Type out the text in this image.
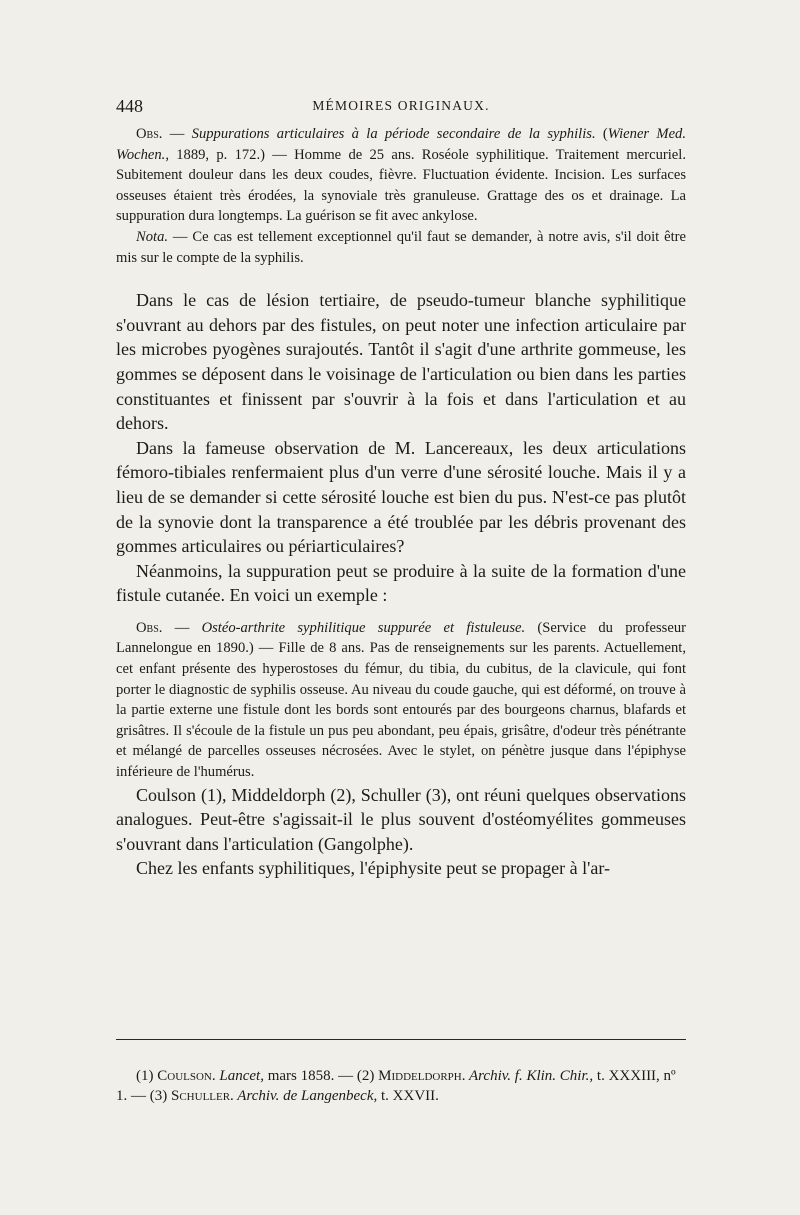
448	MÉMOIRES ORIGINAUX.

Obs. — Suppurations articulaires à la période secondaire de la syphilis. (Wiener Med. Wochen., 1889, p. 172.) — Homme de 25 ans. Roséole syphilitique. Traitement mercuriel. Subitement douleur dans les deux coudes, fièvre. Fluctuation évidente. Incision. Les surfaces osseuses étaient très érodées, la synoviale très granuleuse. Grattage des os et drainage. La suppuration dura longtemps. La guérison se fit avec ankylose.

Nota. — Ce cas est tellement exceptionnel qu'il faut se demander, à notre avis, s'il doit être mis sur le compte de la syphilis.

Dans le cas de lésion tertiaire, de pseudo-tumeur blanche syphilitique s'ouvrant au dehors par des fistules, on peut noter une infection articulaire par les microbes pyogènes surajoutés. Tantôt il s'agit d'une arthrite gommeuse, les gommes se déposent dans le voisinage de l'articulation ou bien dans les parties constituantes et finissent par s'ouvrir à la fois et dans l'articulation et au dehors.

Dans la fameuse observation de M. Lancereaux, les deux articulations fémoro-tibiales renfermaient plus d'un verre d'une sérosité louche. Mais il y a lieu de se demander si cette sérosité louche est bien du pus. N'est-ce pas plutôt de la synovie dont la transparence a été troublée par les débris provenant des gommes articulaires ou périarticulaires?

Néanmoins, la suppuration peut se produire à la suite de la formation d'une fistule cutanée. En voici un exemple :

Obs. — Ostéo-arthrite syphilitique suppurée et fistuleuse. (Service du professeur Lannelongue en 1890.) — Fille de 8 ans. Pas de renseignements sur les parents. Actuellement, cet enfant présente des hyperostoses du fémur, du tibia, du cubitus, de la clavicule, qui font porter le diagnostic de syphilis osseuse. Au niveau du coude gauche, qui est déformé, on trouve à la partie externe une fistule dont les bords sont entourés par des bourgeons charnus, blafards et grisâtres. Il s'écoule de la fistule un pus peu abondant, peu épais, grisâtre, d'odeur très pénétrante et mélangé de parcelles osseuses nécrosées. Avec le stylet, on pénètre jusque dans l'épiphyse inférieure de l'humérus.

Coulson (1), Middeldorph (2), Schuller (3), ont réuni quelques observations analogues. Peut-être s'agissait-il le plus souvent d'ostéomyélites gommeuses s'ouvrant dans l'articulation (Gangolphe).

Chez les enfants syphilitiques, l'épiphysite peut se propager à l'ar-

(1) Coulson. Lancet, mars 1858. — (2) Middeldorph. Archiv. f. Klin. Chir., t. XXXIII, nº 1. — (3) Schuller. Archiv. de Langenbeck, t. XXVII.
